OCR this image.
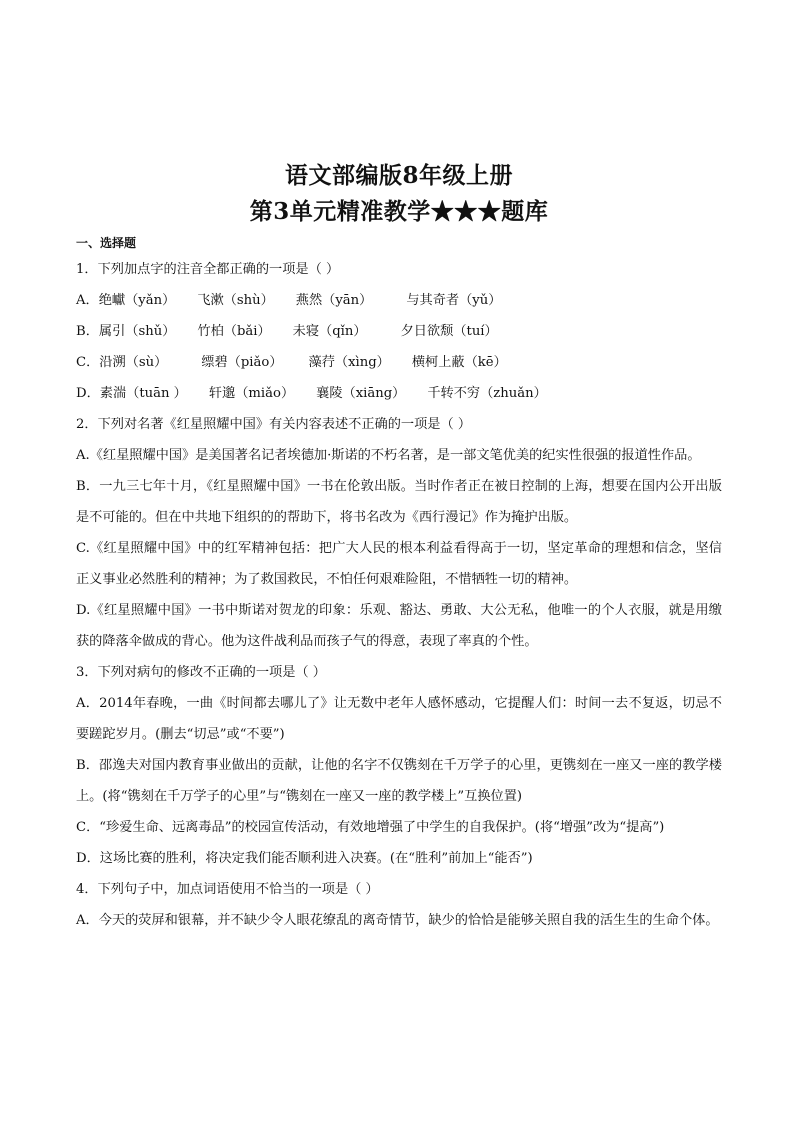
语文部编版8年级上册
第3单元精准教学★★★题库
一、选择题
1．下列加点字的注音全都正确的一项是（ ）
A．绝巘（yǎn） 飞漱（shù） 燕然（yān）	与其奇者（yǔ）
B．属引（shǔ） 竹柏（bǎi） 未寝（qǐn）	夕日欲颓（tuí）
C．沿溯（sù）	缥碧（piǎo） 藻荇（xìng） 横柯上蔽（kē）
D．素湍（tuān ） 轩邈（miǎo） 襄陵（xiāng） 千转不穷（zhuǎn）
2．下列对名著《红星照耀中国》有关内容表述不正确的一项是（ ）
A.《红星照耀中国》是美国著名记者埃德加·斯诺的不朽名著，是一部文笔优美的纪实性很强的报道性作品。
B．一九三七年十月，《红星照耀中国》一书在伦敦出版。当时作者正在被日控制的上海，想要在国内公开出版是不可能的。但在中共地下组织的的帮助下，将书名改为《西行漫记》作为掩护出版。
C.《红星照耀中国》中的红军精神包括：把广大人民的根本利益看得高于一切，坚定革命的理想和信念，坚信正义事业必然胜利的精神；为了救国救民，不怕任何艰难险阻，不惜牺牲一切的精神。
D.《红星照耀中国》一书中斯诺对贺龙的印象：乐观、豁达、勇敢、大公无私，他唯一的个人衣服，就是用缴获的降落伞做成的背心。他为这件战利品而孩子气的得意，表现了率真的个性。
3．下列对病句的修改不正确的一项是（ ）
A．2014年春晚，一曲《时间都去哪儿了》让无数中老年人感怀感动，它提醒人们：时间一去不复返，切忌不要蹉跎岁月。(删去“切忌”或“不要”)
B．邵逸夫对国内教育事业做出的贡献，让他的名字不仅镌刻在千万学子的心里，更镌刻在一座又一座的教学楼上。(将“镌刻在千万学子的心里”与“镌刻在一座又一座的教学楼上”互换位置)
C．“珍爱生命、远离毒品”的校园宣传活动，有效地增强了中学生的自我保护。(将“增强”改为“提高”)
D．这场比赛的胜利，将决定我们能否顺利进入决赛。(在“胜利”前加上“能否”)
4．下列句子中，加点词语使用不恰当的一项是（ ）
A．今天的荧屏和银幕，并不缺少令人眼花缭乱的离奇情节，缺少的恰恰是能够关照自我的活生生的生命个体。
